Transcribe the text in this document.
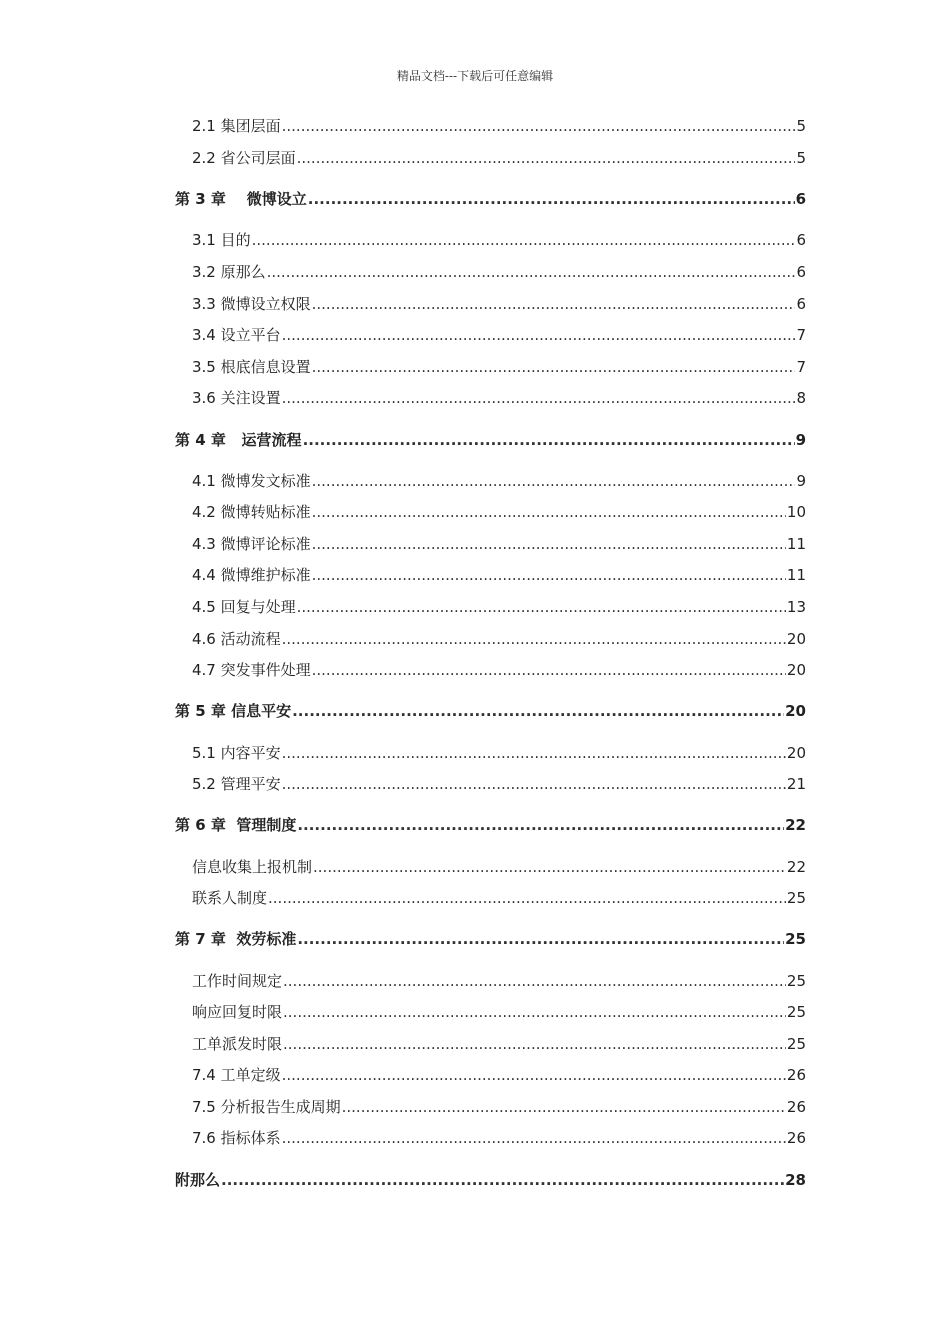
精品文档---下载后可任意编辑
2.1 集团层面 .....	5
2.2 省公司层面 .....	5
第 3 章    微博设立 .....	6
3.1 目的 .....	6
3.2 原那么 .....	6
3.3 微博设立权限 .....	6
3.4 设立平台 .....	7
3.5 根底信息设置 .....	7
3.6 关注设置 .....	8
第 4 章   运营流程 .....	9
4.1 微博发文标准 .....	9
4.2 微博转贴标准 .....	10
4.3 微博评论标准 .....	11
4.4 微博维护标准 .....	11
4.5 回复与处理 .....	13
4.6 活动流程 .....	20
4.7 突发事件处理 .....	20
第 5 章 信息平安 .....	20
5.1 内容平安 .....	20
5.2 管理平安 .....	21
第 6 章  管理制度 .....	22
信息收集上报机制 .....	22
联系人制度 .....	25
第 7 章  效劳标准 .....	25
工作时间规定 .....	25
响应回复时限 .....	25
工单派发时限 .....	25
7.4 工单定级 .....	26
7.5 分析报告生成周期 .....	26
7.6 指标体系 .....	26
附那么 .....	28
